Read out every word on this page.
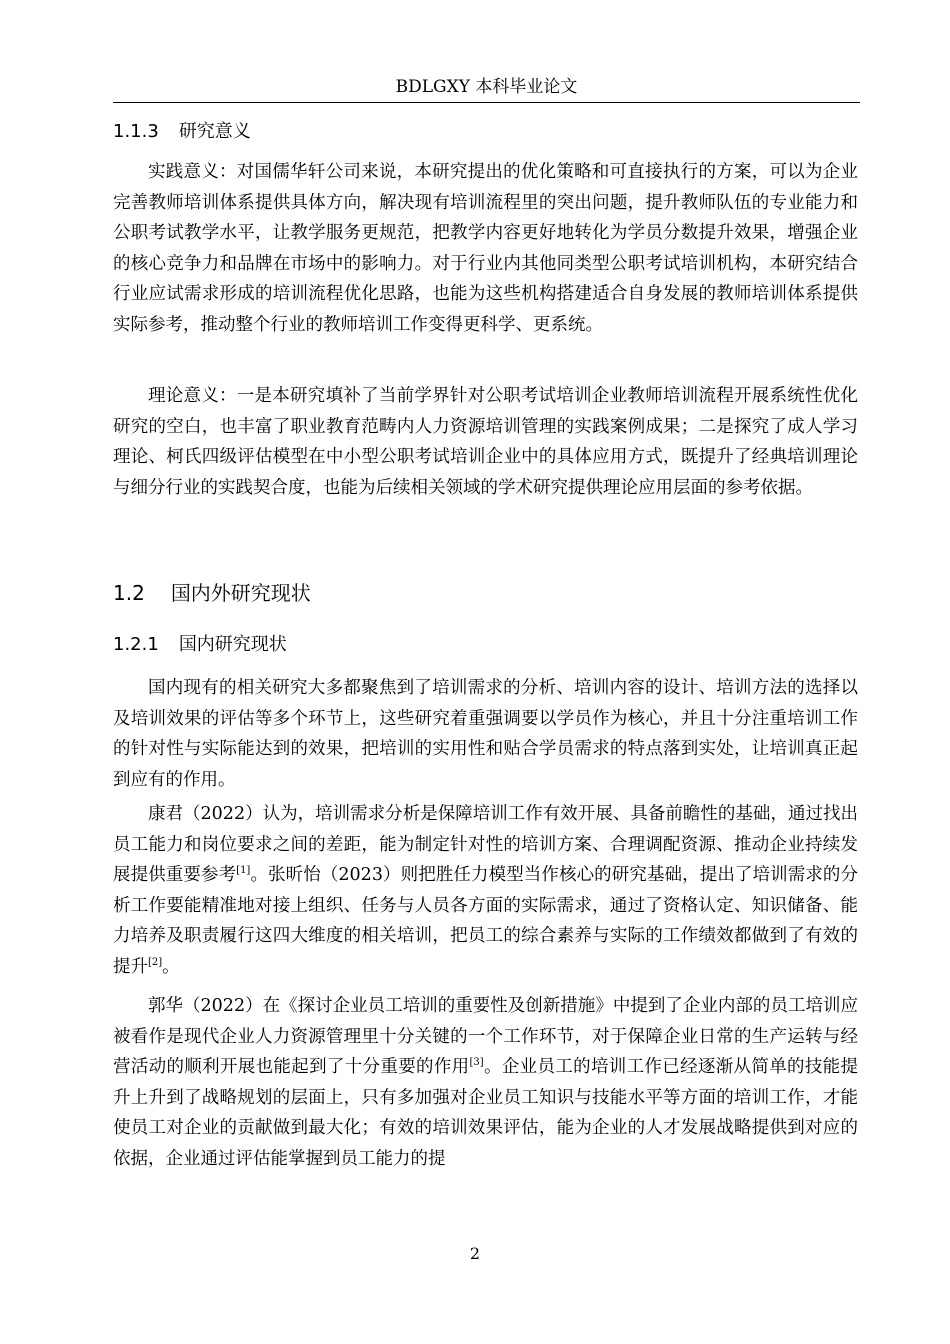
BDLGXY 本科毕业论文
1.1.3 研究意义

实践意义：对国儒华轩公司来说，本研究提出的优化策略和可直接执行的方案，可以为企业完善教师培训体系提供具体方向，解决现有培训流程里的突出问题，提升教师队伍的专业能力和公职考试教学水平，让教学服务更规范，把教学内容更好地转化为学员分数提升效果，增强企业的核心竞争力和品牌在市场中的影响力。对于行业内其他同类型公职考试培训机构，本研究结合行业应试需求形成的培训流程优化思路，也能为这些机构搭建适合自身发展的教师培训体系提供实际参考，推动整个行业的教师培训工作变得更科学、更系统。

理论意义：一是本研究填补了当前学界针对公职考试培训企业教师培训流程开展系统性优化研究的空白，也丰富了职业教育范畴内人力资源培训管理的实践案例成果；二是探究了成人学习理论、柯氏四级评估模型在中小型公职考试培训企业中的具体应用方式，既提升了经典培训理论与细分行业的实践契合度，也能为后续相关领域的学术研究提供理论应用层面的参考依据。

1.2 国内外研究现状
1.2.1 国内研究现状

国内现有的相关研究大多都聚焦到了培训需求的分析、培训内容的设计、培训方法的选择以及培训效果的评估等多个环节上，这些研究着重强调要以学员作为核心，并且十分注重培训工作的针对性与实际能达到的效果，把培训的实用性和贴合学员需求的特点落到实处，让培训真正起到应有的作用。

康君（2022）认为，培训需求分析是保障培训工作有效开展、具备前瞻性的基础，通过找出员工能力和岗位要求之间的差距，能为制定针对性的培训方案、合理调配资源、推动企业持续发展提供重要参考[1]。张昕怡（2023）则把胜任力模型当作核心的研究基础，提出了培训需求的分析工作要能精准地对接上组织、任务与人员各方面的实际需求，通过了资格认定、知识储备、能力培养及职责履行这四大维度的相关培训，把员工的综合素养与实际的工作绩效都做到了有效的提升[2]。

郭华（2022）在《探讨企业员工培训的重要性及创新措施》中提到了企业内部的员工培训应被看作是现代企业人力资源管理里十分关键的一个工作环节，对于保障企业日常的生产运转与经营活动的顺利开展也能起到了十分重要的作用[3]。企业员工的培训工作已经逐渐从简单的技能提升上升到了战略规划的层面上，只有多加强对企业员工知识与技能水平等方面的培训工作，才能使员工对企业的贡献做到最大化；有效的培训效果评估，能为企业的人才发展战略提供到对应的依据，企业通过评估能掌握到员工能力的提

2
